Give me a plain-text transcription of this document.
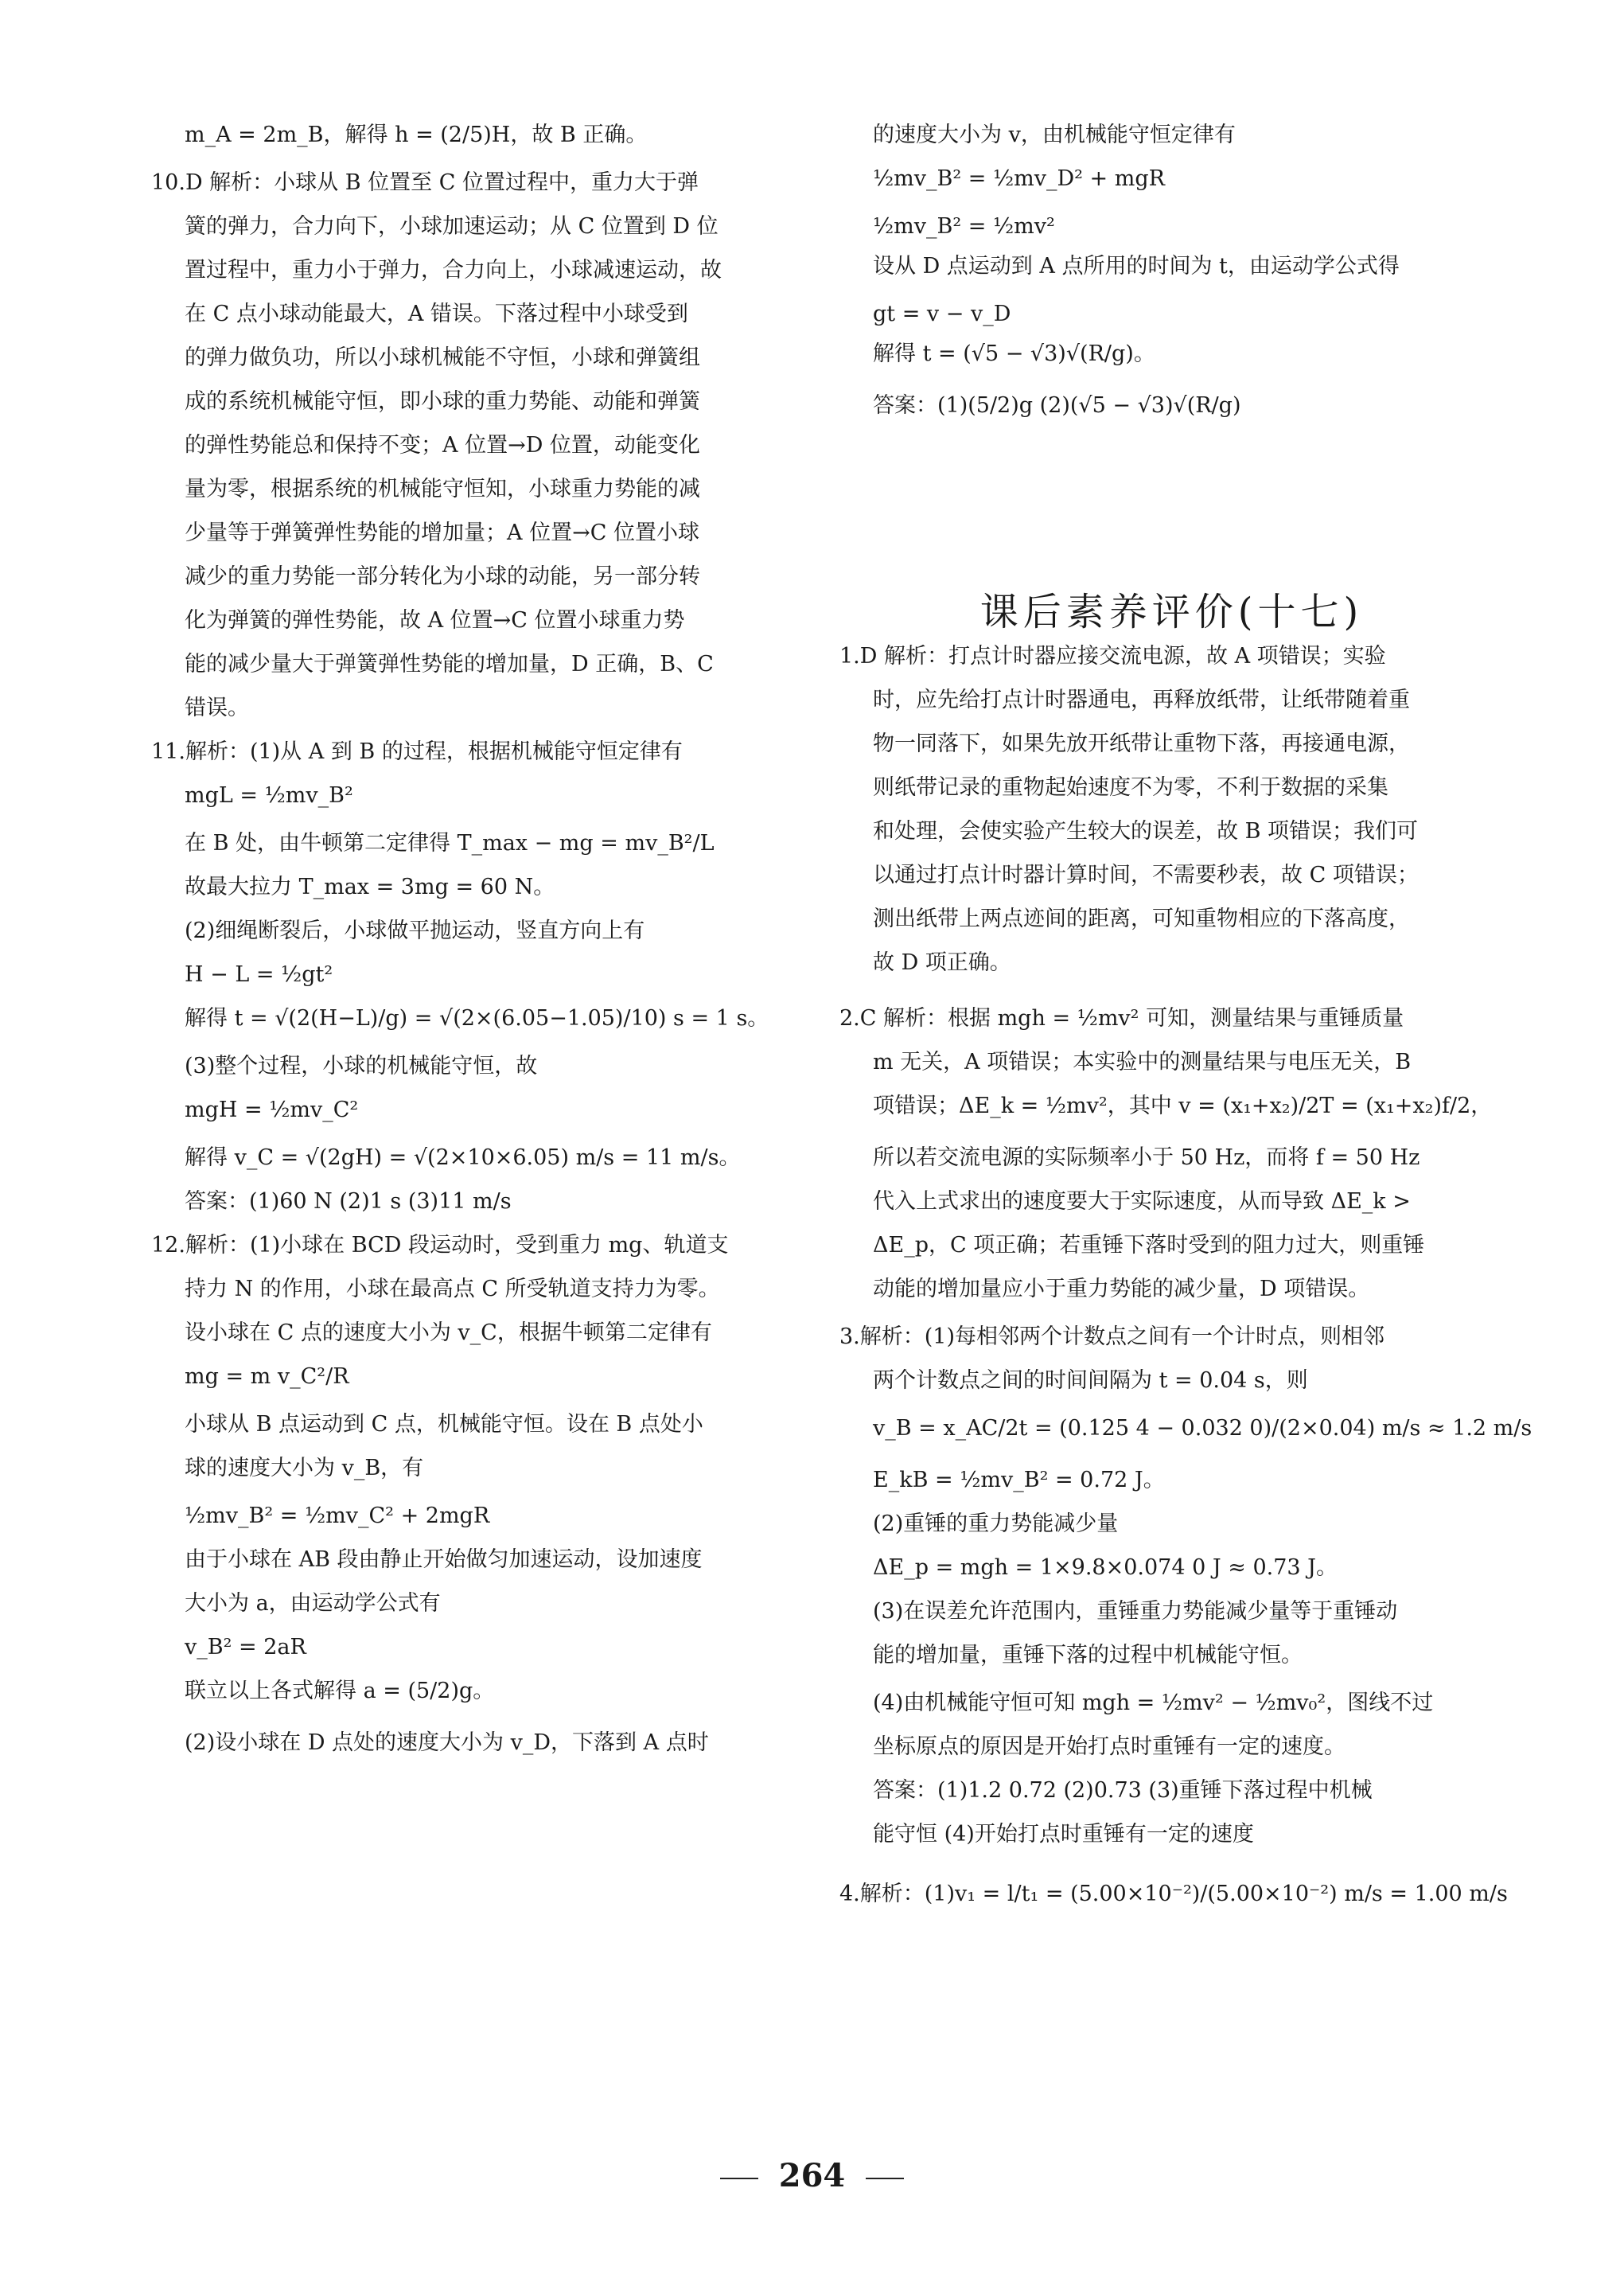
m_A = 2m_B，解得 h = (2/5)H，故 B 正确。
10.D 解析：小球从 B 位置至 C 位置过程中，重力大于弹
簧的弹力，合力向下，小球加速运动；从 C 位置到 D 位
置过程中，重力小于弹力，合力向上，小球减速运动，故
在 C 点小球动能最大，A 错误。下落过程中小球受到
的弹力做负功，所以小球机械能不守恒，小球和弹簧组
成的系统机械能守恒，即小球的重力势能、动能和弹簧
的弹性势能总和保持不变；A 位置→D 位置，动能变化
量为零，根据系统的机械能守恒知，小球重力势能的减
少量等于弹簧弹性势能的增加量；A 位置→C 位置小球
减少的重力势能一部分转化为小球的动能，另一部分转
化为弹簧的弹性势能，故 A 位置→C 位置小球重力势
能的减少量大于弹簧弹性势能的增加量，D 正确，B、C
错误。
11.解析：(1)从 A 到 B 的过程，根据机械能守恒定律有
mgL = ½mv_B²
在 B 处，由牛顿第二定律得 T_max − mg = mv_B²/L
故最大拉力 T_max = 3mg = 60 N。
(2)细绳断裂后，小球做平抛运动，竖直方向上有
H − L = ½gt²
解得 t = √(2(H−L)/g) = √(2×(6.05−1.05)/10) s = 1 s。
(3)整个过程，小球的机械能守恒，故
mgH = ½mv_C²
解得 v_C = √(2gH) = √(2×10×6.05) m/s = 11 m/s。
答案：(1)60 N (2)1 s (3)11 m/s
12.解析：(1)小球在 BCD 段运动时，受到重力 mg、轨道支
持力 N 的作用，小球在最高点 C 所受轨道支持力为零。
设小球在 C 点的速度大小为 v_C，根据牛顿第二定律有
mg = m v_C²/R
小球从 B 点运动到 C 点，机械能守恒。设在 B 点处小
球的速度大小为 v_B，有
½mv_B² = ½mv_C² + 2mgR
由于小球在 AB 段由静止开始做匀加速运动，设加速度
大小为 a，由运动学公式有
v_B² = 2aR
联立以上各式解得 a = (5/2)g。
(2)设小球在 D 点处的速度大小为 v_D，下落到 A 点时
课后素养评价(十七)
的速度大小为 v，由机械能守恒定律有
½mv_B² = ½mv_D² + mgR
½mv_B² = ½mv²
设从 D 点运动到 A 点所用的时间为 t，由运动学公式得
gt = v − v_D
解得 t = (√5 − √3)√(R/g)。
答案：(1)(5/2)g (2)(√5 − √3)√(R/g)
1.D 解析：打点计时器应接交流电源，故 A 项错误；实验
时，应先给打点计时器通电，再释放纸带，让纸带随着重
物一同落下，如果先放开纸带让重物下落，再接通电源，
则纸带记录的重物起始速度不为零，不利于数据的采集
和处理，会使实验产生较大的误差，故 B 项错误；我们可
以通过打点计时器计算时间，不需要秒表，故 C 项错误；
测出纸带上两点迹间的距离，可知重物相应的下落高度，
故 D 项正确。
2.C 解析：根据 mgh = ½mv² 可知，测量结果与重锤质量
m 无关，A 项错误；本实验中的测量结果与电压无关，B
项错误；ΔE_k = ½mv²，其中 v = (x₁+x₂)/2T = (x₁+x₂)f/2，
所以若交流电源的实际频率小于 50 Hz，而将 f = 50 Hz
代入上式求出的速度要大于实际速度，从而导致 ΔE_k >
ΔE_p，C 项正确；若重锤下落时受到的阻力过大，则重锤
动能的增加量应小于重力势能的减少量，D 项错误。
3.解析：(1)每相邻两个计数点之间有一个计时点，则相邻
两个计数点之间的时间间隔为 t = 0.04 s，则
v_B = x_AC/2t = (0.125 4 − 0.032 0)/(2×0.04) m/s ≈ 1.2 m/s
E_kB = ½mv_B² = 0.72 J。
(2)重锤的重力势能减少量
ΔE_p = mgh = 1×9.8×0.074 0 J ≈ 0.73 J。
(3)在误差允许范围内，重锤重力势能减少量等于重锤动
能的增加量，重锤下落的过程中机械能守恒。
(4)由机械能守恒可知 mgh = ½mv² − ½mv₀²，图线不过
坐标原点的原因是开始打点时重锤有一定的速度。
答案：(1)1.2 0.72 (2)0.73 (3)重锤下落过程中机械
能守恒 (4)开始打点时重锤有一定的速度
4.解析：(1)v₁ = l/t₁ = (5.00×10⁻²)/(5.00×10⁻²) m/s = 1.00 m/s
264
